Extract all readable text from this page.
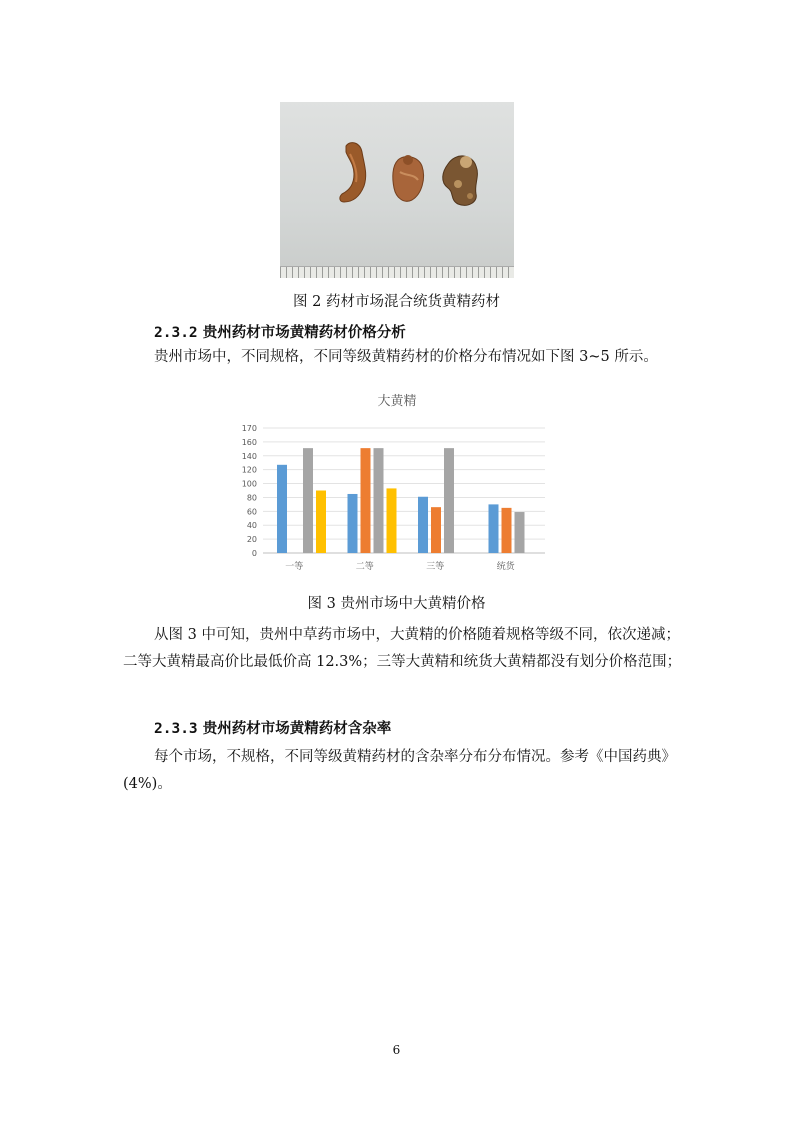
图 2 药材市场混合统货黄精药材
2.3.2 贵州药材市场黄精药材价格分析
贵州市场中，不同规格，不同等级黄精药材的价格分布情况如下图 3~5 所示。
大黄精
0
20
40
60
80
100
120
140
160
170
一等	二等	三等	统货
图 3 贵州市场中大黄精价格
从图 3 中可知，贵州中草药市场中，大黄精的价格随着规格等级不同，依次递减；二等大黄精最高价比最低价高 12.3%；三等大黄精和统货大黄精都没有划分价格范围；
2.3.3 贵州药材市场黄精药材含杂率
每个市场，不规格，不同等级黄精药材的含杂率分布分布情况。参考《中国药典》(4%)。
6
